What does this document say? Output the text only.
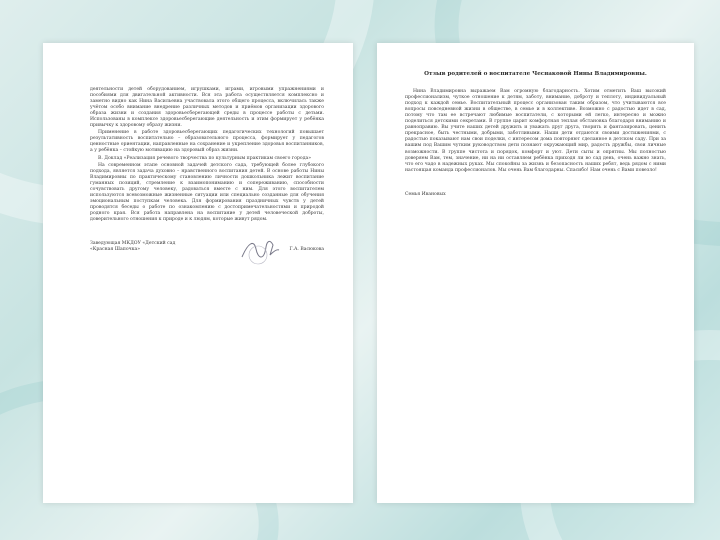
деятельности детей оборудованием, игрушками, играми, игровыми упражнениями и пособиями для двигательной активности. Вся эта работа осуществляется комплексно и заметно видно как Нина Васильевна участвовала этого общего процесса, включилась также учётом особо внимание внедрение различных методов и приёмов организации здорового образа жизни и создания здоровьесберегающей среды в процессе работы с детьми. Использованы в комплексе здоровьесберегающие деятельность и этим формирует у ребёнка привычку к здоровому образу жизни.

Применение в работе здоровьесберегающих педагогических технологий повышает результативность воспитательно – образовательного процесса, формирует у педагогов ценностные ориентации, направленные на сохранение и укрепление здоровья воспитанников, а у ребёнка – стойкую мотивацию на здоровый образ жизни.

В. Доклад «Реализация речевого творчества по культурным практикам своего города»

На современном этапе основной задачей детского сада, требующей более глубокого подхода, является задача духовно – нравственного воспитания детей. В основе работы Нины Владимировны по практическому становлению личности дошкольника лежит воспитание гуманных позиций, стремление к взаимопониманию и сопереживанию, способности сочувствовать другому человеку, радоваться вместе с ним. Для этого воспитателем используются всевозможные жизненные ситуации или специально созданные для обучения эмоциональным поступкам человека. Для формирования праздничных чувств у детей проводятся беседы о работе по ознакомлению с достопримечательностями и природой родного края. Вся работа направлена на воспитание у детей человеческой доброты, доверительного отношения к природе и к людям, которые живут рядом.

Заведующая МКДОУ «Детский сад
«Красная Шапочка»	Г.А. Васюкова
Отзыв родителей о воспитателе Чеснаковой Нины Владимировны.

Нина Владимировна выражаем Вам огромную благодарность. Хотим отметить Ваш высокий профессионализм, чуткое отношение к детям, заботу, внимание, доброту и теплоту, индивидуальный подход к каждой семье. Воспитательный процесс организован таким образом, что учитываются все вопросы повседневной жизни в обществе, в семье и в коллективе. Возможно с радостью идет в сад, потому что там ее встречают любимые воспитатели, с которыми ей легко, интересно и можно поделиться детскими секретами. В группе царит комфортная теплая обстановка благодаря вниманию и равноправию. Вы учите наших детей дружить и уважать друг друга, творить и фантазировать, ценить прекрасное, быть честными, добрыми, заботливыми. Наши дети отдаются своими достижениями, с радостью показывают нам свои поделки, с интересом дома повторяют сделанное в детском саду. При за вашим под Вашим чутким руководством дети познают окружающий мир, радость дружбы, свои личные возможности. В группе чистота и порядок, комфорт и уют. Дети сыты и опрятны. Мы полностью доверяем Вам, тем, значение, ни на ни оставляем ребёнка приходя ли во сад день, очень важно знать, что его чадо в надежных руках. Мы спокойны за жизнь и безопасность наших ребят, ведь рядом с ними настоящая команда профессионалов. Мы очень Вам благодарны. Спасибо! Нам очень с Вами повезло!

Семья Ивановых
